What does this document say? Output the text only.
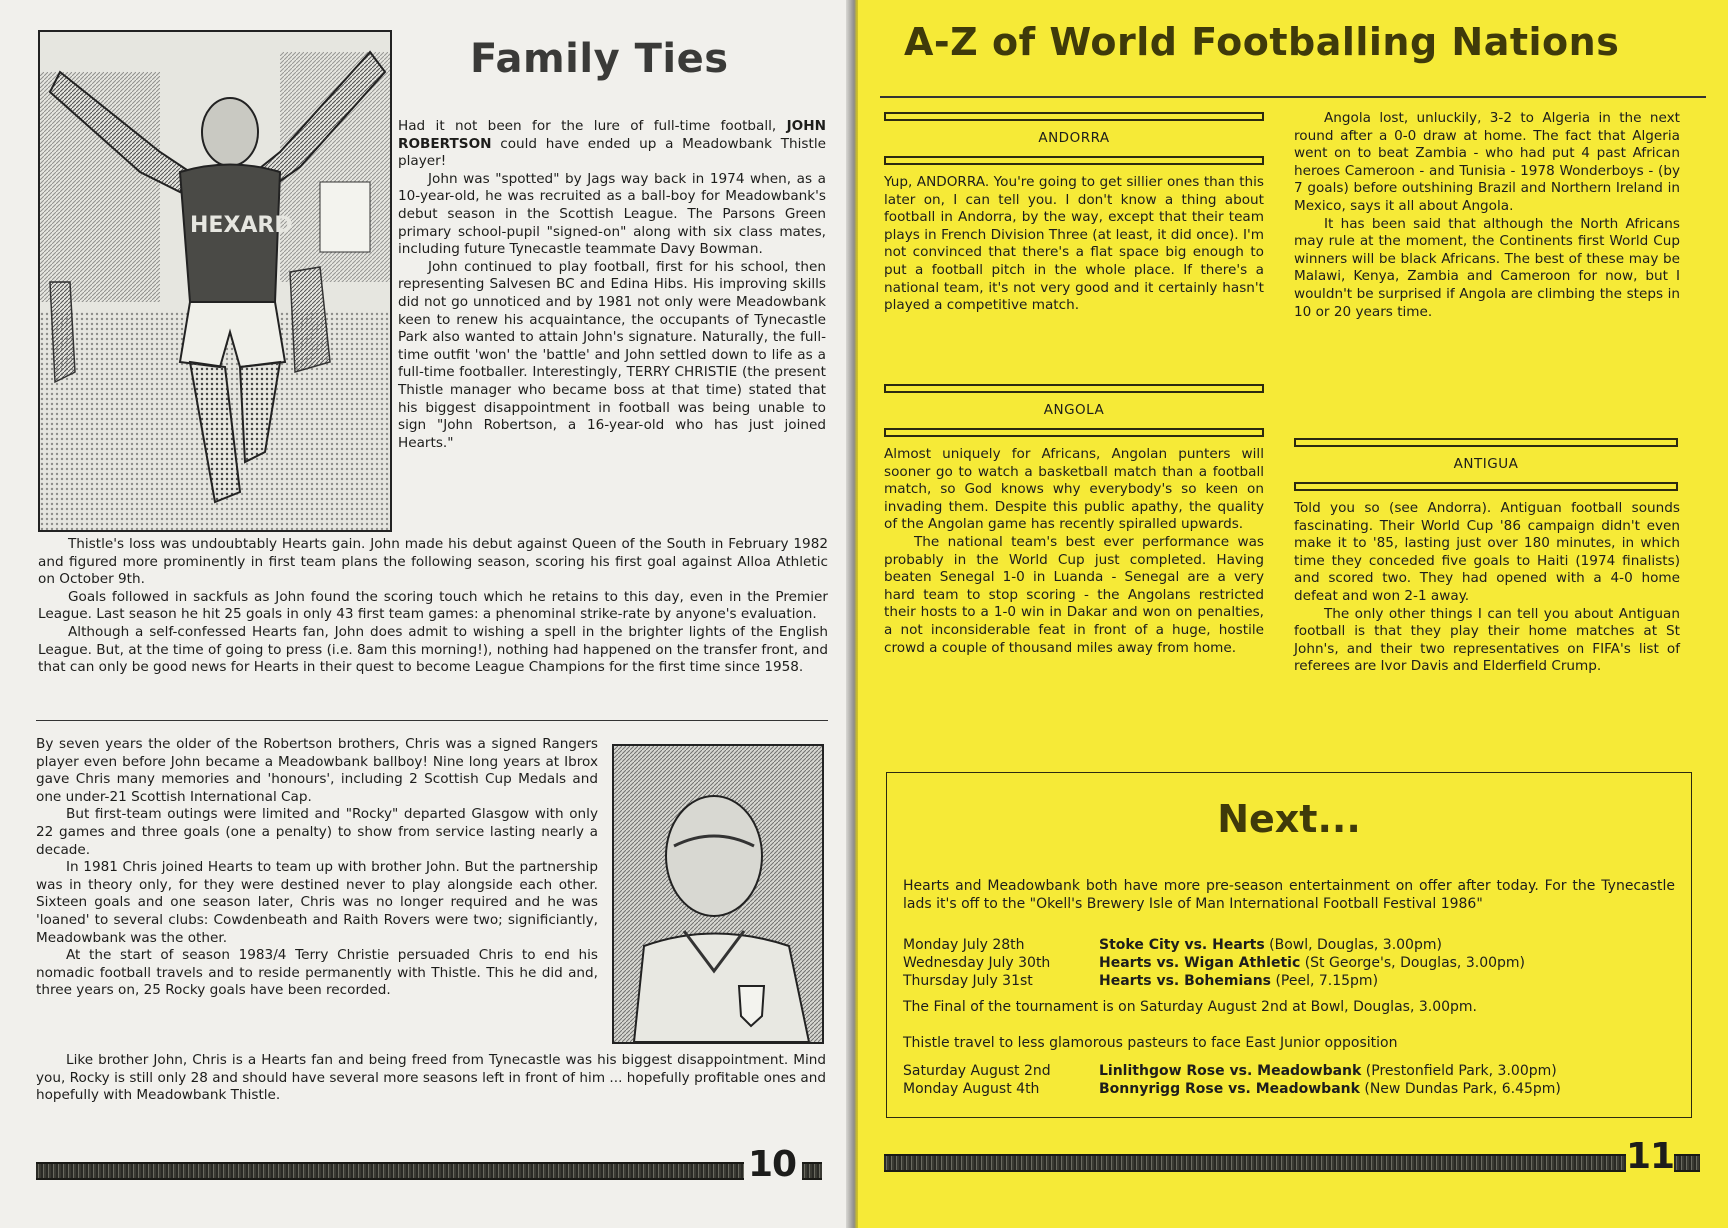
HEXARD
Family Ties

Had it not been for the lure of full-time football, JOHN ROBERTSON could have ended up a Meadowbank Thistle player!

John was "spotted" by Jags way back in 1974 when, as a 10-year-old, he was recruited as a ball-boy for Meadowbank's debut season in the Scottish League. The Parsons Green primary school-pupil "signed-on" along with six class mates, including future Tynecastle teammate Davy Bowman.

John continued to play football, first for his school, then representing Salvesen BC and Edina Hibs. His improving skills did not go unnoticed and by 1981 not only were Meadowbank keen to renew his acquaintance, the occupants of Tynecastle Park also wanted to attain John's signature. Naturally, the full-time outfit 'won' the 'battle' and John settled down to life as a full-time footballer. Interestingly, TERRY CHRISTIE (the present Thistle manager who became boss at that time) stated that his biggest disappointment in football was being unable to sign "John Robertson, a 16-year-old who has just joined Hearts."

Thistle's loss was undoubtably Hearts gain. John made his debut against Queen of the South in February 1982 and figured more prominently in first team plans the following season, scoring his first goal against Alloa Athletic on October 9th.

Goals followed in sackfuls as John found the scoring touch which he retains to this day, even in the Premier League. Last season he hit 25 goals in only 43 first team games: a phenominal strike-rate by anyone's evaluation.

Although a self-confessed Hearts fan, John does admit to wishing a spell in the brighter lights of the English League. But, at the time of going to press (i.e. 8am this morning!), nothing had happened on the transfer front, and that can only be good news for Hearts in their quest to become League Champions for the first time since 1958.

By seven years the older of the Robertson brothers, Chris was a signed Rangers player even before John became a Meadowbank ballboy! Nine long years at Ibrox gave Chris many memories and 'honours', including 2 Scottish Cup Medals and one under-21 Scottish International Cap.

But first-team outings were limited and "Rocky" departed Glasgow with only 22 games and three goals (one a penalty) to show from service lasting nearly a decade.

In 1981 Chris joined Hearts to team up with brother John. But the partnership was in theory only, for they were destined never to play alongside each other. Sixteen goals and one season later, Chris was no longer required and he was 'loaned' to several clubs: Cowdenbeath and Raith Rovers were two; significiantly, Meadowbank was the other.

At the start of season 1983/4 Terry Christie persuaded Chris to end his nomadic football travels and to reside permanently with Thistle. This he did and, three years on, 25 Rocky goals have been recorded.

Like brother John, Chris is a Hearts fan and being freed from Tynecastle was his biggest disappointment. Mind you, Rocky is still only 28 and should have several more seasons left in front of him ... hopefully profitable ones and hopefully with Meadowbank Thistle.

10
A-Z of World Footballing Nations
ANDORRA

Yup, ANDORRA. You're going to get sillier ones than this later on, I can tell you. I don't know a thing about football in Andorra, by the way, except that their team plays in French Division Three (at least, it did once). I'm not convinced that there's a flat space big enough to put a football pitch in the whole place. If there's a national team, it's not very good and it certainly hasn't played a competitive match.

ANGOLA

Almost uniquely for Africans, Angolan punters will sooner go to watch a basketball match than a football match, so God knows why everybody's so keen on invading them. Despite this public apathy, the quality of the Angolan game has recently spiralled upwards.

The national team's best ever performance was probably in the World Cup just completed. Having beaten Senegal 1-0 in Luanda - Senegal are a very hard team to stop scoring - the Angolans restricted their hosts to a 1-0 win in Dakar and won on penalties, a not inconsiderable feat in front of a huge, hostile crowd a couple of thousand miles away from home.

Angola lost, unluckily, 3-2 to Algeria in the next round after a 0-0 draw at home. The fact that Algeria went on to beat Zambia - who had put 4 past African heroes Cameroon - and Tunisia - 1978 Wonderboys - (by 7 goals) before outshining Brazil and Northern Ireland in Mexico, says it all about Angola.

It has been said that although the North Africans may rule at the moment, the Continents first World Cup winners will be black Africans. The best of these may be Malawi, Kenya, Zambia and Cameroon for now, but I wouldn't be surprised if Angola are climbing the steps in 10 or 20 years time.

ANTIGUA

Told you so (see Andorra). Antiguan football sounds fascinating. Their World Cup '86 campaign didn't even make it to '85, lasting just over 180 minutes, in which time they conceded five goals to Haiti (1974 finalists) and scored two. They had opened with a 4-0 home defeat and won 2-1 away.

The only other things I can tell you about Antiguan football is that they play their home matches at St John's, and their two representatives on FIFA's list of referees are Ivor Davis and Elderfield Crump.

Next...

Hearts and Meadowbank both have more pre-season entertainment on offer after today. For the Tynecastle lads it's off to the "Okell's Brewery Isle of Man International Football Festival 1986"

Monday July 28th	Stoke City vs. Hearts (Bowl, Douglas, 3.00pm)
Wednesday July 30th	Hearts vs. Wigan Athletic (St George's, Douglas, 3.00pm)
Thursday July 31st	Hearts vs. Bohemians (Peel, 7.15pm)
The Final of the tournament is on Saturday August 2nd at Bowl, Douglas, 3.00pm.
Thistle travel to less glamorous pasteurs to face East Junior opposition
Saturday August 2nd	Linlithgow Rose vs. Meadowbank (Prestonfield Park, 3.00pm)
Monday August 4th	Bonnyrigg Rose vs. Meadowbank (New Dundas Park, 6.45pm)
11
